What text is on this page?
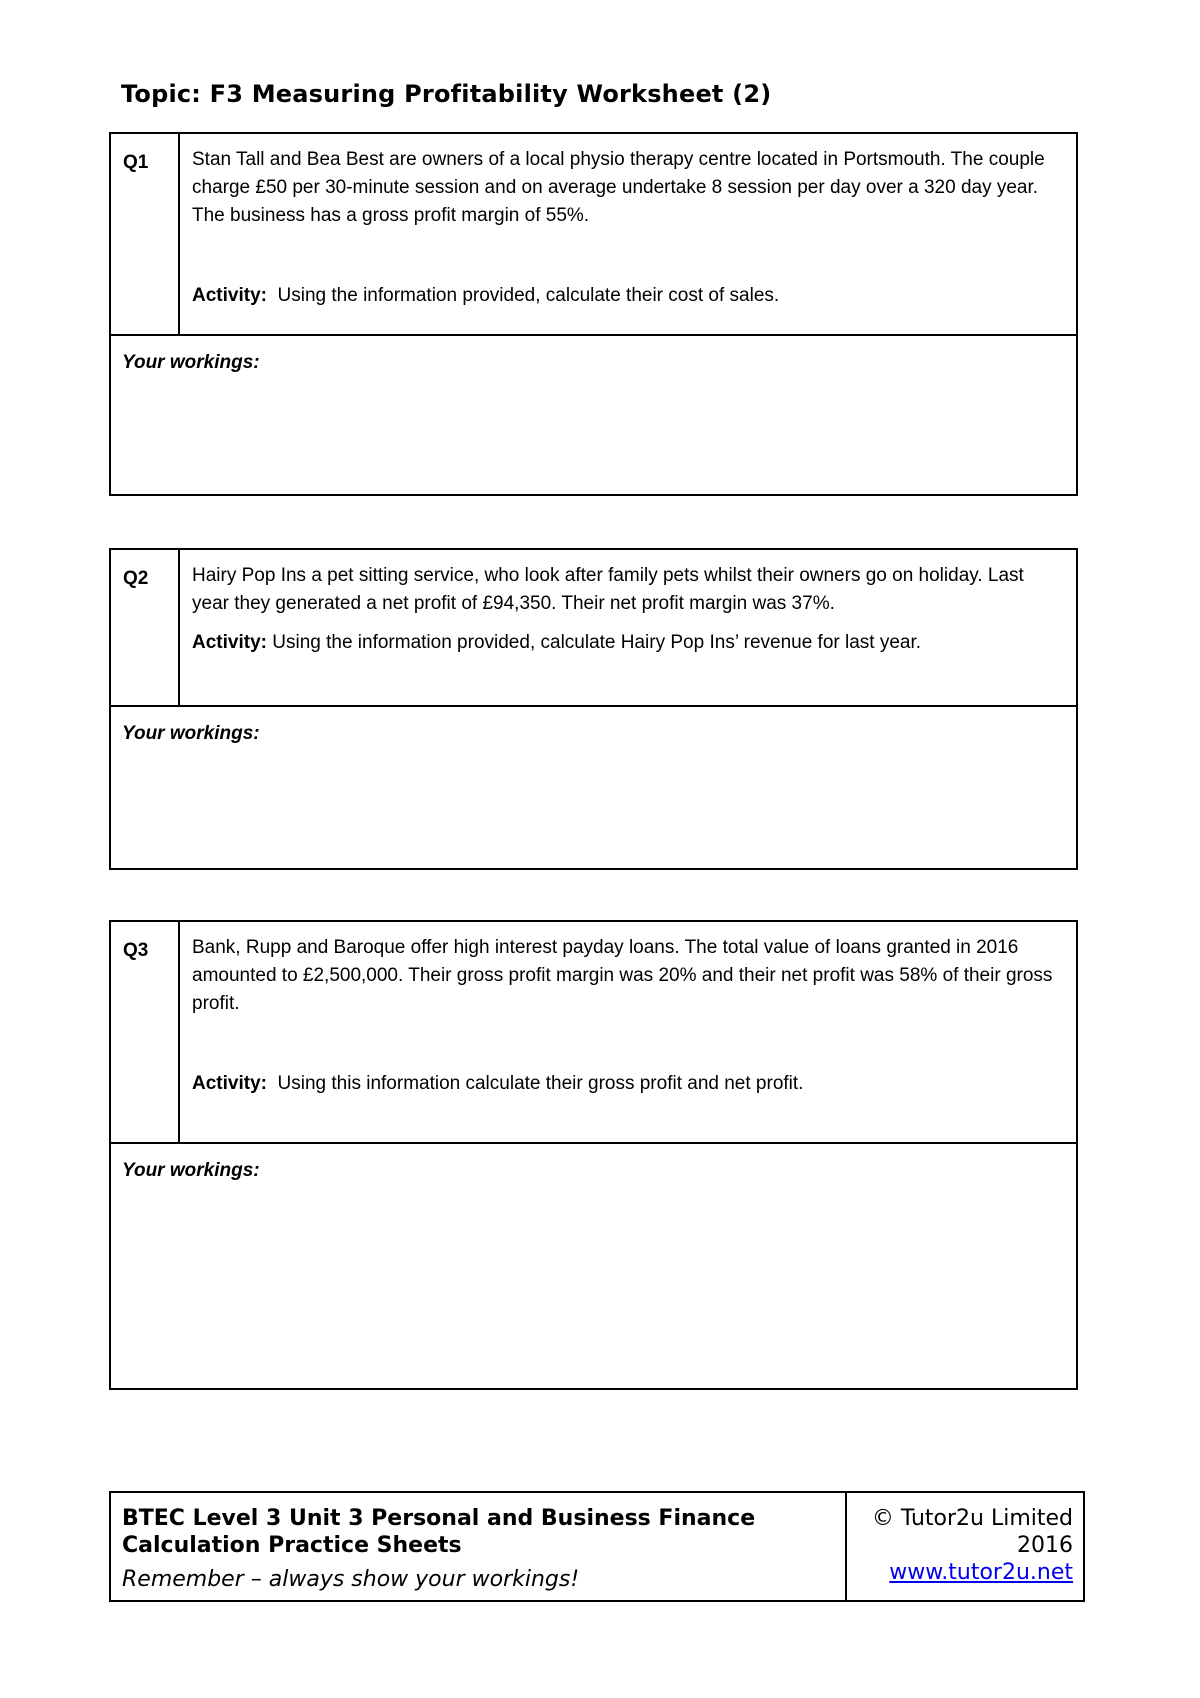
Topic: F3 Measuring Profitability Worksheet (2)
Q1	Stan Tall and Bea Best are owners of a local physio therapy centre located in Portsmouth. The couple charge £50 per 30-minute session and on average undertake 8 session per day over a 320 day year. The business has a gross profit margin of 55%.

Activity:  Using the information provided, calculate their cost of sales.

Your workings:
Q2	Hairy Pop Ins a pet sitting service, who look after family pets whilst their owners go on holiday. Last year they generated a net profit of £94,350. Their net profit margin was 37%.

Activity: Using the information provided, calculate Hairy Pop Ins’ revenue for last year.

Your workings:
Q3	Bank, Rupp and Baroque offer high interest payday loans. The total value of loans granted in 2016 amounted to £2,500,000. Their gross profit margin was 20% and their net profit was 58% of their gross profit.

Activity:  Using this information calculate their gross profit and net profit.

Your workings:
BTEC Level 3 Unit 3 Personal and Business Finance
Calculation Practice Sheets
Remember – always show your workings!
© Tutor2u Limited
2016
www.tutor2u.net
